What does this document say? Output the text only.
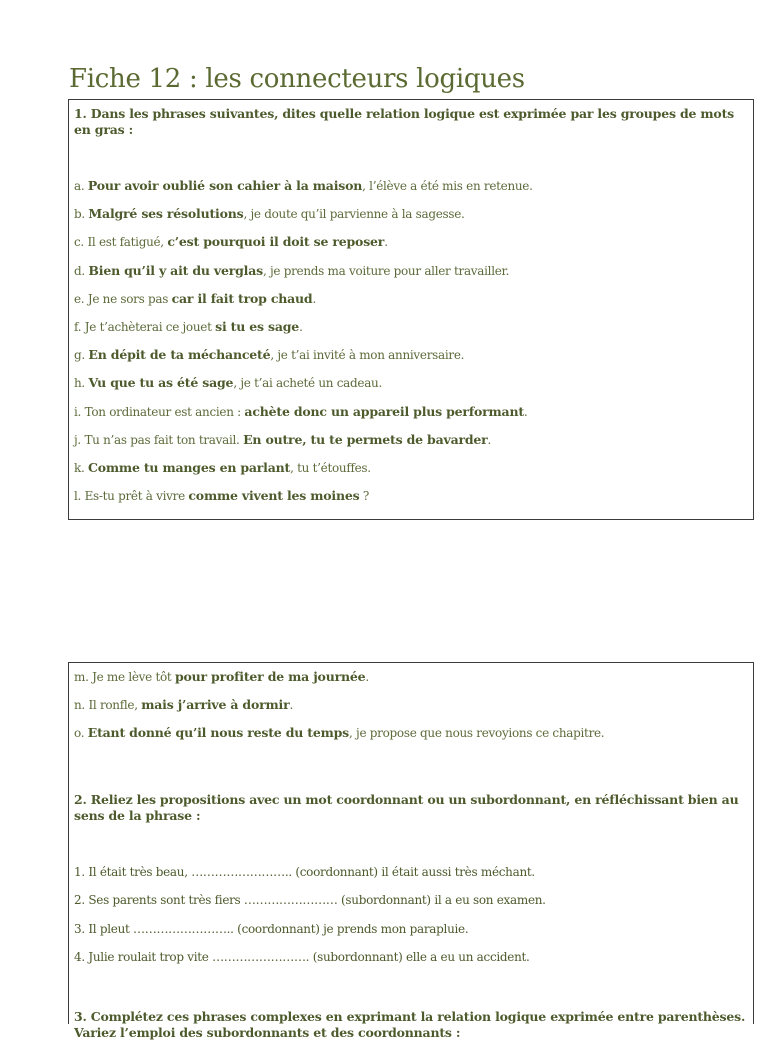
Fiche 12 : les connecteurs logiques
1. Dans les phrases suivantes, dites quelle relation logique est exprimée par les groupes de mots en gras :
a. Pour avoir oublié son cahier à la maison, l’élève a été mis en retenue.
b. Malgré ses résolutions, je doute qu’il parvienne à la sagesse.
c. Il est fatigué, c’est pourquoi il doit se reposer.
d. Bien qu’il y ait du verglas, je prends ma voiture pour aller travailler.
e. Je ne sors pas car il fait trop chaud.
f. Je t’achèterai ce jouet si tu es sage.
g. En dépit de ta méchanceté, je t’ai invité à mon anniversaire.
h. Vu que tu as été sage, je t’ai acheté un cadeau.
i. Ton ordinateur est ancien : achète donc un appareil plus performant.
j. Tu n’as pas fait ton travail. En outre, tu te permets de bavarder.
k. Comme tu manges en parlant, tu t’étouffes.
l. Es-tu prêt à vivre comme vivent les moines ?
m. Je me lève tôt pour profiter de ma journée.
n. Il ronfle, mais j’arrive à dormir.
o. Etant donné qu’il nous reste du temps, je propose que nous revoyions ce chapitre.
2. Reliez les propositions avec un mot coordonnant ou un subordonnant, en réfléchissant bien au sens de la phrase :
1. Il était très beau, …………………….. (coordonnant) il était aussi très méchant.
2. Ses parents sont très fiers …………………… (subordonnant) il a eu son examen.
3. Il pleut …………………….. (coordonnant) je prends mon parapluie.
4. Julie roulait trop vite ……………………. (subordonnant) elle a eu un accident.
3. Complétez ces phrases complexes en exprimant la relation logique exprimée entre parenthèses. Variez l’emploi des subordonnants et des coordonnants :
